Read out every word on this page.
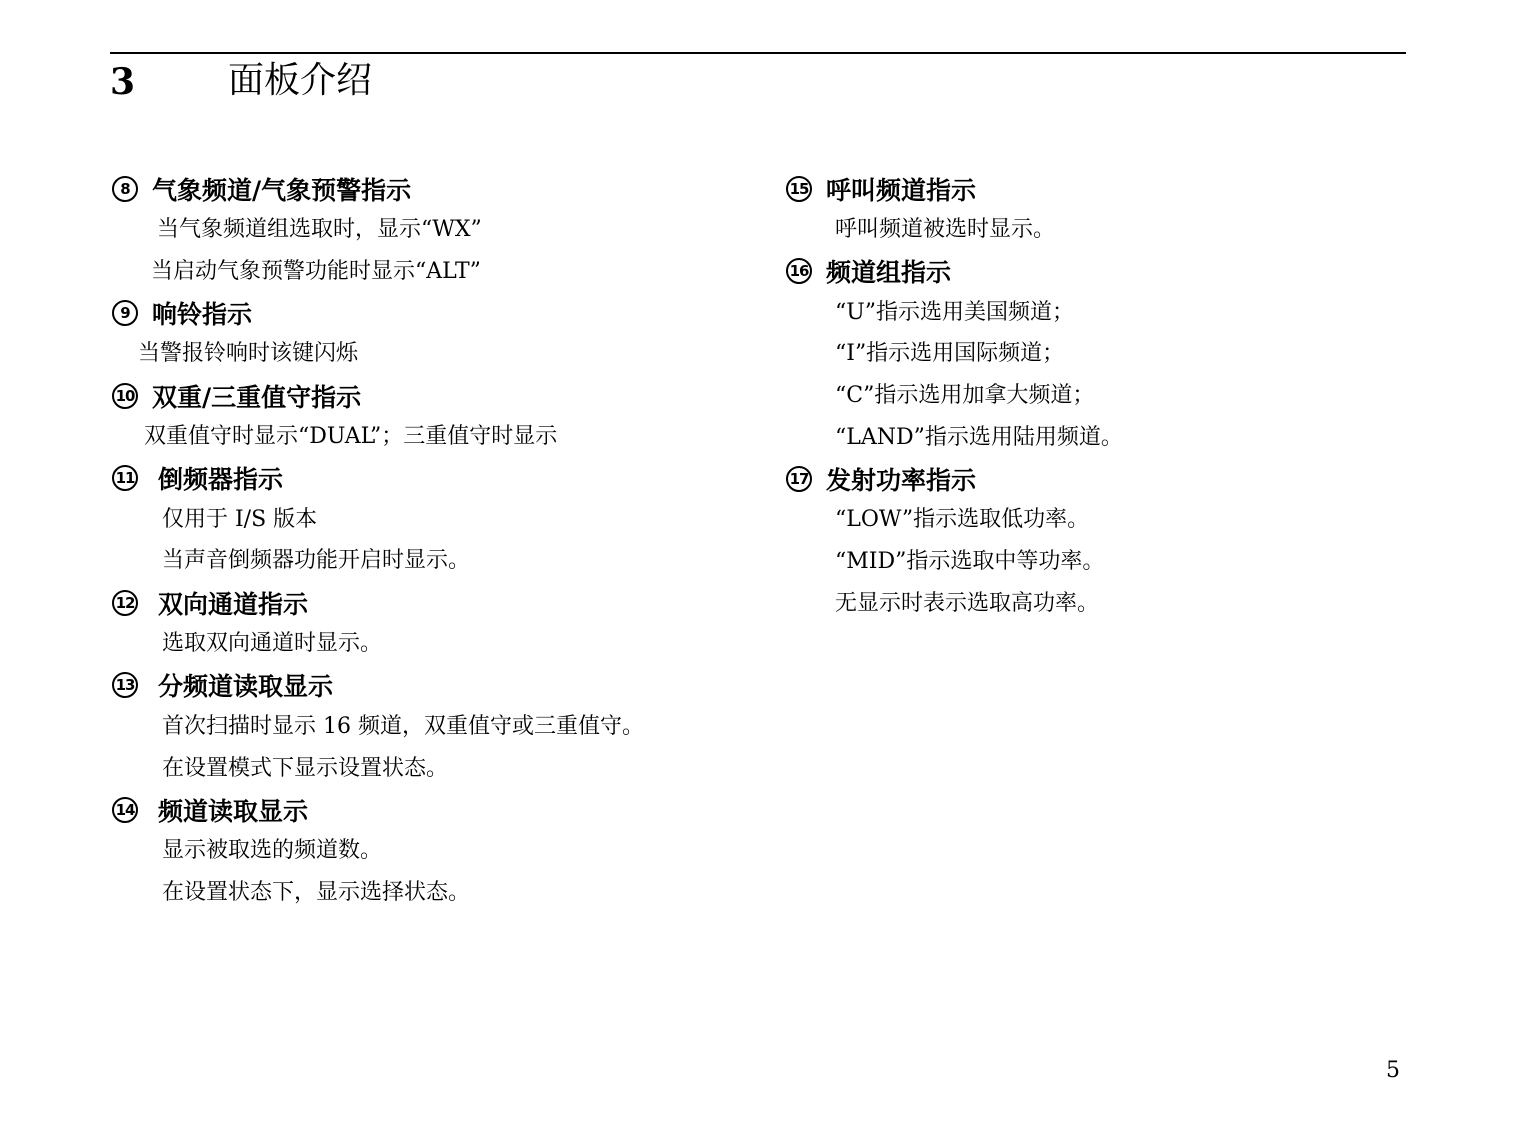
3	面板介绍
8 气象频道/气象预警指示
当气象频道组选取时，显示“WX”
当启动气象预警功能时显示“ALT”
9 响铃指示
当警报铃响时该键闪烁
10 双重/三重值守指示
双重值守时显示“DUAL”；三重值守时显示
11 倒频器指示
仅用于 I/S 版本
当声音倒频器功能开启时显示。
12 双向通道指示
选取双向通道时显示。
13 分频道读取显示
首次扫描时显示 16 频道，双重值守或三重值守。
在设置模式下显示设置状态。
14 频道读取显示
显示被取选的频道数。
在设置状态下，显示选择状态。
15 呼叫频道指示
呼叫频道被选时显示。
16 频道组指示
“U”指示选用美国频道；
“I”指示选用国际频道；
“C”指示选用加拿大频道；
“LAND”指示选用陆用频道。
17 发射功率指示
“LOW”指示选取低功率。
“MID”指示选取中等功率。
无显示时表示选取高功率。
5
